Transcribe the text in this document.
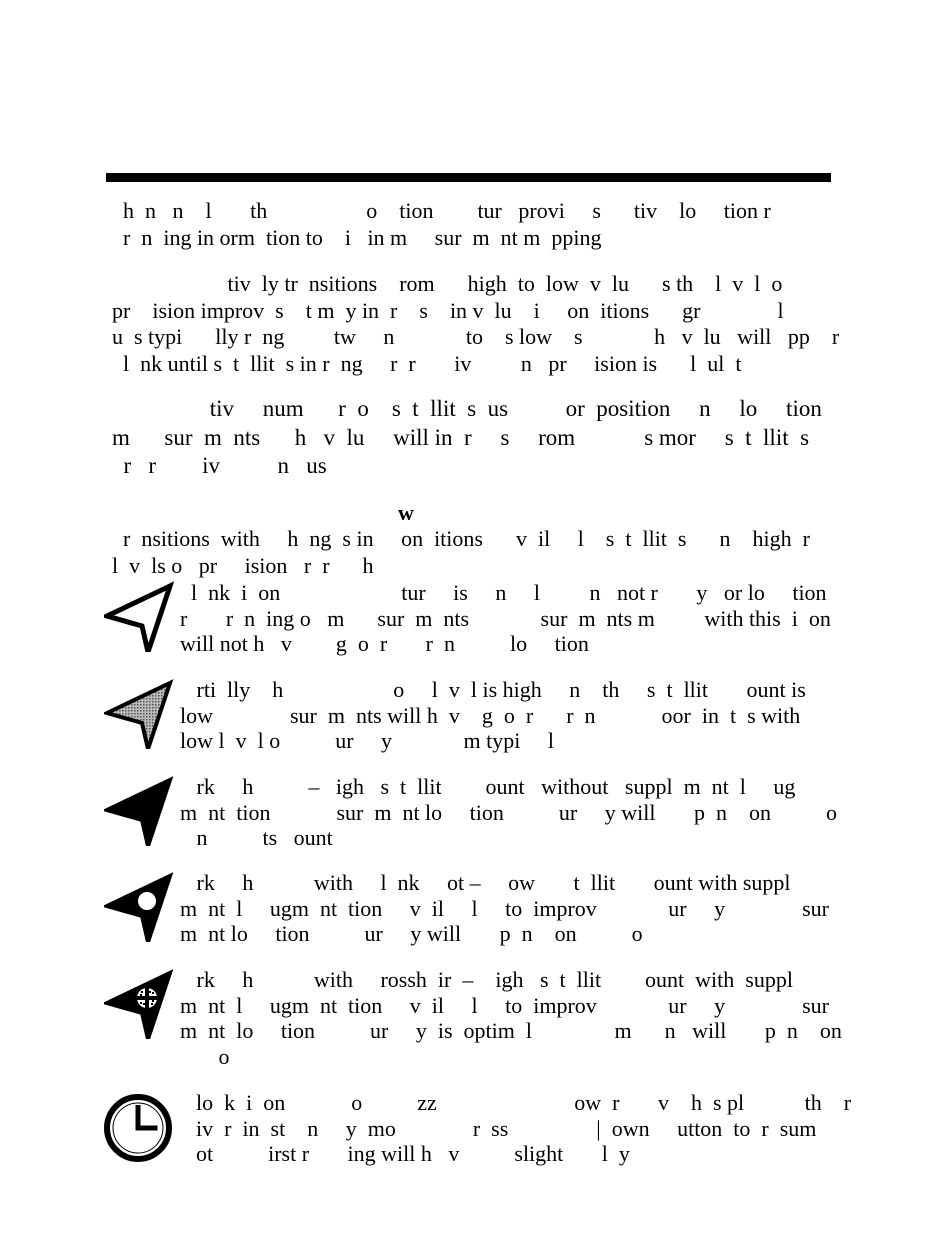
h  n   n    l       th                  o    tion        tur   provi     s      tiv    lo     tion r
r  n  ing in orm  tion to    i   in m     sur  m  nt m  pping
tiv  ly tr  nsitions    rom      high  to  low  v  lu      s th    l  v  l  o
pr    ision improv  s    t m  y in  r    s    in v  lu    i     on  itions      gr              l
u  s typi      lly r  ng         tw     n             to    s low    s             h   v  lu   will   pp    r
l  nk until s  t  llit  s in r  ng     r  r       iv         n   pr     ision is      l  ul  t
tiv     num      r  o    s  t  llit  s  us          or  position     n     lo     tion
m      sur  m  nts      h   v  lu     will in  r     s     rom            s mor     s  t  llit  s
r   r        iv          n   us
w
r  nsitions  with     h  ng  s in     on  itions      v  il     l    s  t  llit  s      n    high  r
l  v  ls o   pr     ision   r  r      h
l  nk  i  on                      tur     is     n     l         n   not r       y   or lo     tion
r       r  n  ing o   m      sur  m  nts             sur  m  nts m         with this  i  on
will not h   v        g  o  r       r  n          lo     tion
rti  lly    h                    o     l  v  l is high     n    th     s  t  llit       ount is
low              sur  m  nts will h  v    g  o  r      r  n            oor  in  t  s with
low l  v  l o          ur     y             m typi     l
rk     h          –   igh   s  t  llit        ount   without   suppl  m  nt  l     ug
m  nt  tion            sur  m  nt lo     tion          ur     y will       p  n    on          o
n          ts   ount
rk     h           with     l  nk     ot –     ow       t  llit       ount with suppl
m  nt  l     ugm  nt  tion     v  il     l     to  improv             ur     y              sur
m  nt lo     tion          ur     y will       p  n    on          o
rk     h           with     rossh  ir  –    igh   s  t  llit        ount  with  suppl
m  nt  l     ugm  nt  tion     v  il     l     to  improv             ur     y              sur
m  nt  lo     tion          ur     y  is  optim  l               m      n   will       p  n    on
o
lo  k  i  on            o          zz                         ow  r       v    h  s pl           th    r
iv  r  in  st    n     y  mo              r  ss                |  own     utton  to  r  sum
ot          irst r       ing will h   v          slight       l  y
